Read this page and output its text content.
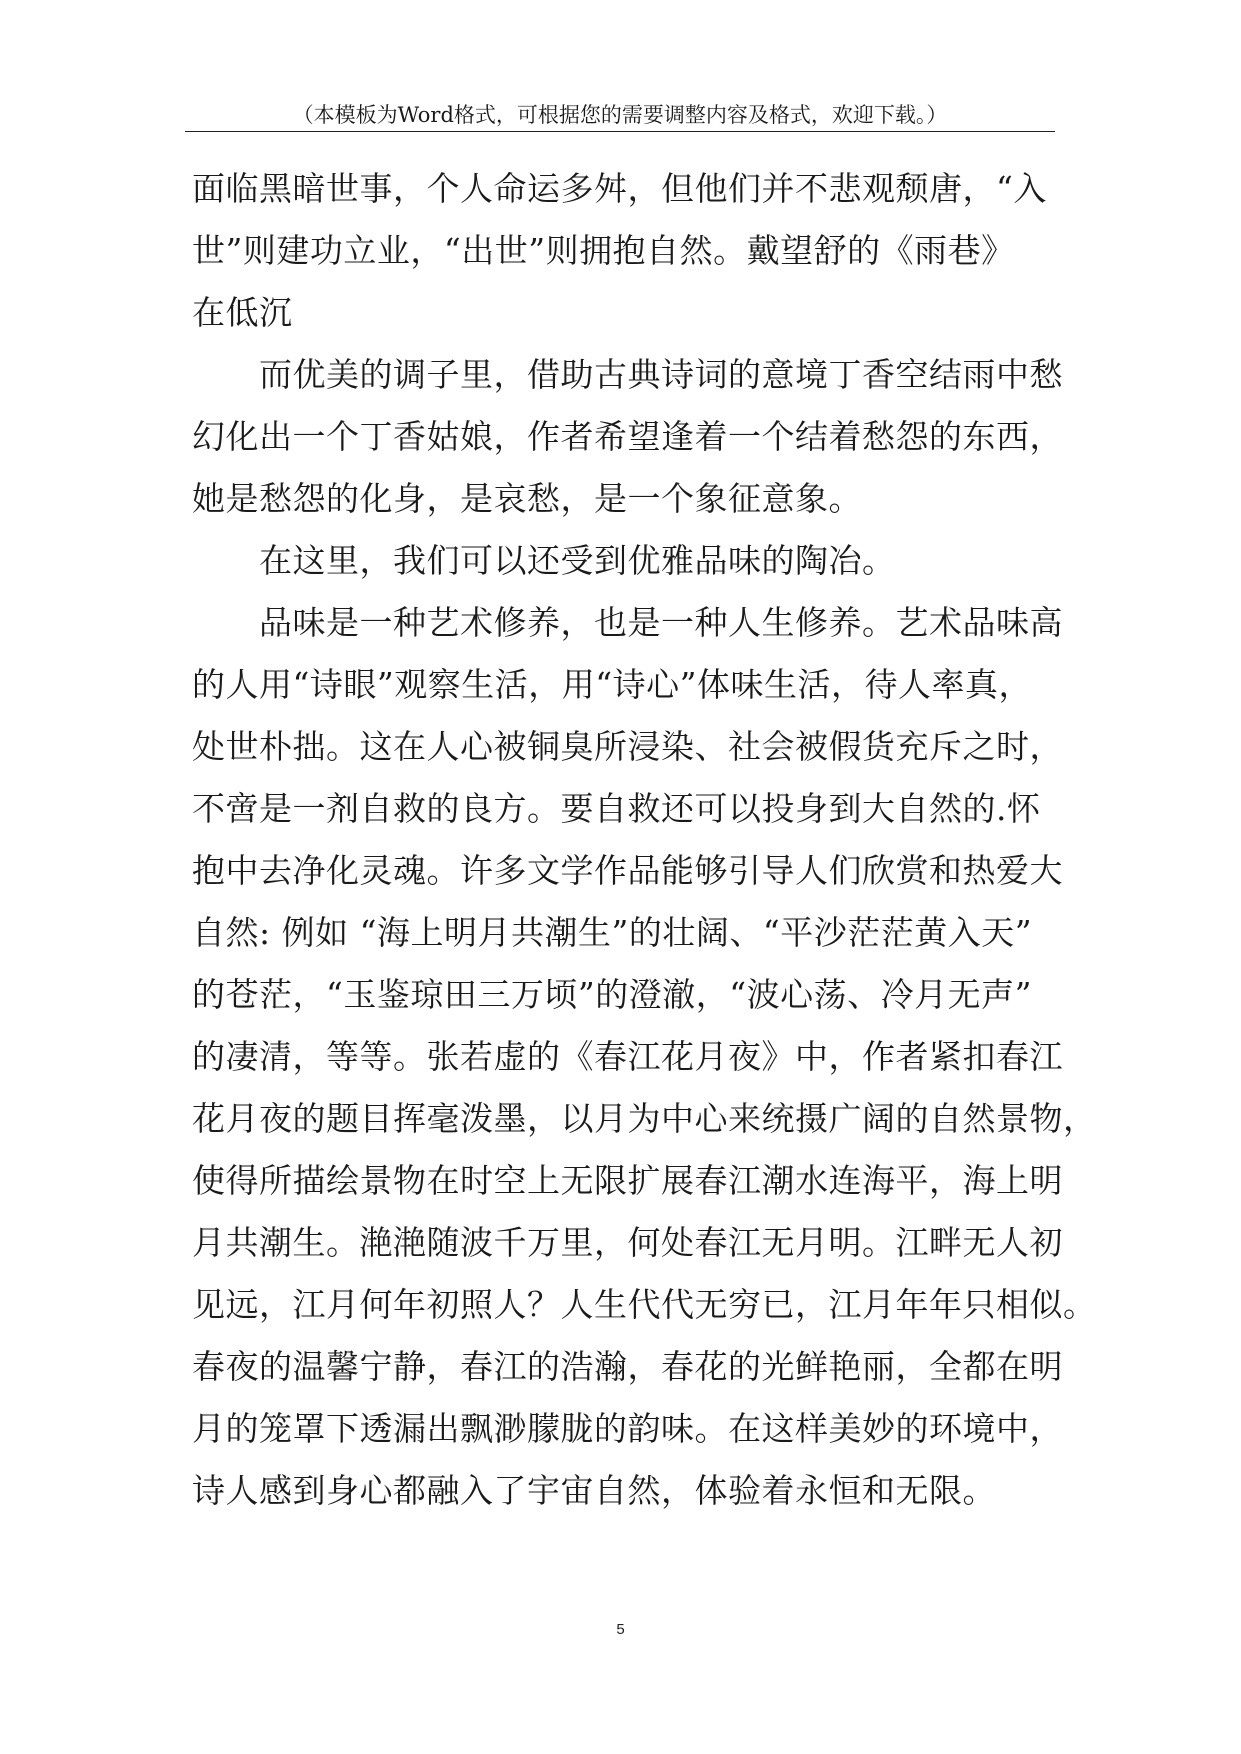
（本模板为Word格式，可根据您的需要调整内容及格式，欢迎下载。）
面临黑暗世事，个人命运多舛，但他们并不悲观颓唐，“入
世”则建功立业，“出世”则拥抱自然。戴望舒的《雨巷》
在低沉
　　而优美的调子里，借助古典诗词的意境丁香空结雨中愁
幻化出一个丁香姑娘，作者希望逢着一个结着愁怨的东西，
她是愁怨的化身，是哀愁，是一个象征意象。
　　在这里，我们可以还受到优雅品味的陶冶。
　　品味是一种艺术修养，也是一种人生修养。艺术品味高
的人用“诗眼”观察生活，用“诗心”体味生活，待人率真，
处世朴拙。这在人心被铜臭所浸染、社会被假货充斥之时，
不啻是一剂自救的良方。要自救还可以投身到大自然的.怀
抱中去净化灵魂。许多文学作品能够引导人们欣赏和热爱大
自然: 例如 “海上明月共潮生”的壮阔、“平沙茫茫黄入天”
的苍茫，“玉鉴琼田三万顷”的澄澈，“波心荡、冷月无声”
的凄清，等等。张若虚的《春江花月夜》中，作者紧扣春江
花月夜的题目挥毫泼墨，以月为中心来统摄广阔的自然景物，
使得所描绘景物在时空上无限扩展春江潮水连海平，海上明
月共潮生。滟滟随波千万里，何处春江无月明。江畔无人初
见远，江月何年初照人？人生代代无穷已，江月年年只相似。
春夜的温馨宁静，春江的浩瀚，春花的光鲜艳丽，全都在明
月的笼罩下透漏出飘渺朦胧的韵味。在这样美妙的环境中，
诗人感到身心都融入了宇宙自然，体验着永恒和无限。
5
